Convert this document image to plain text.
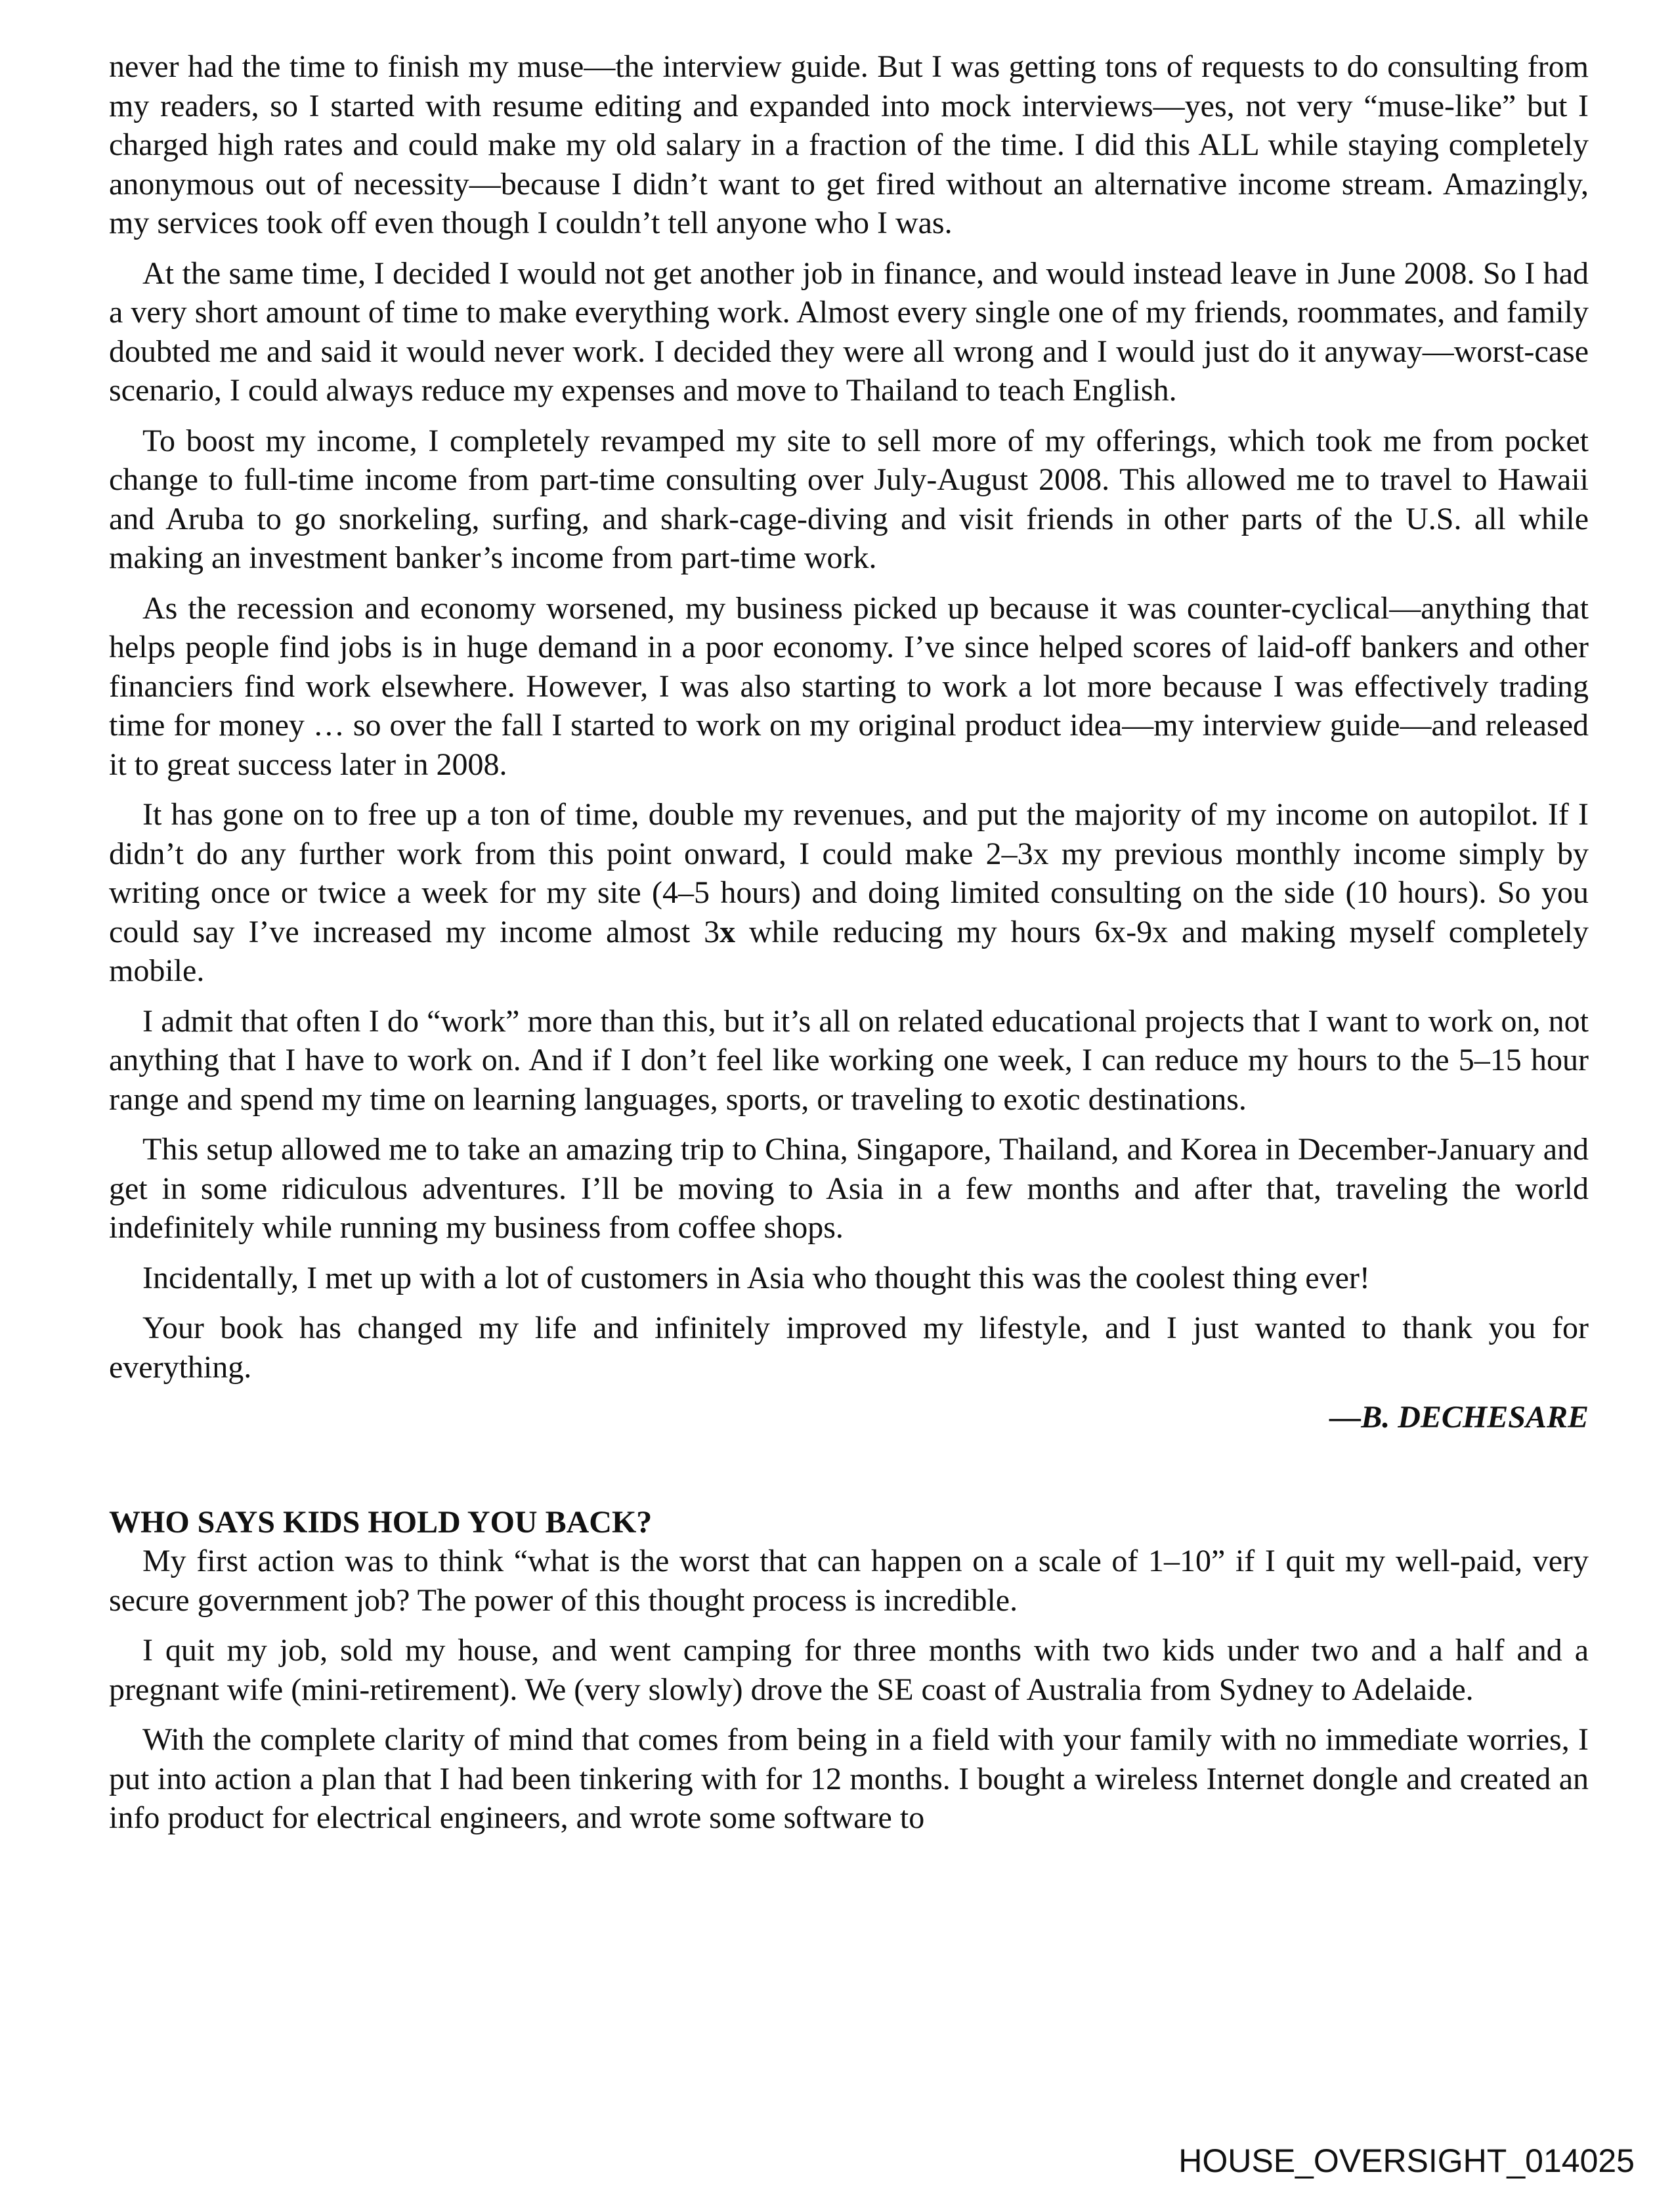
never had the time to finish my muse—the interview guide. But I was getting tons of requests to do consulting from my readers, so I started with resume editing and expanded into mock interviews—yes, not very “muse-like” but I charged high rates and could make my old salary in a fraction of the time. I did this ALL while staying completely anonymous out of necessity—because I didn’t want to get fired without an alternative income stream. Amazingly, my services took off even though I couldn’t tell anyone who I was.

At the same time, I decided I would not get another job in finance, and would instead leave in June 2008. So I had a very short amount of time to make everything work. Almost every single one of my friends, roommates, and family doubted me and said it would never work. I decided they were all wrong and I would just do it anyway—worst-case scenario, I could always reduce my expenses and move to Thailand to teach English.

To boost my income, I completely revamped my site to sell more of my offerings, which took me from pocket change to full-time income from part-time consulting over July-August 2008. This allowed me to travel to Hawaii and Aruba to go snorkeling, surfing, and shark-cage-diving and visit friends in other parts of the U.S. all while making an investment banker’s income from part-time work.

As the recession and economy worsened, my business picked up because it was counter-cyclical—anything that helps people find jobs is in huge demand in a poor economy. I’ve since helped scores of laid-off bankers and other financiers find work elsewhere. However, I was also starting to work a lot more because I was effectively trading time for money … so over the fall I started to work on my original product idea—my interview guide—and released it to great success later in 2008.

It has gone on to free up a ton of time, double my revenues, and put the majority of my income on autopilot. If I didn’t do any further work from this point onward, I could make 2–3x my previous monthly income simply by writing once or twice a week for my site (4–5 hours) and doing limited consulting on the side (10 hours). So you could say I’ve increased my income almost 3x while reducing my hours 6x-9x and making myself completely mobile.

I admit that often I do “work” more than this, but it’s all on related educational projects that I want to work on, not anything that I have to work on. And if I don’t feel like working one week, I can reduce my hours to the 5–15 hour range and spend my time on learning languages, sports, or traveling to exotic destinations.

This setup allowed me to take an amazing trip to China, Singapore, Thailand, and Korea in December-January and get in some ridiculous adventures. I’ll be moving to Asia in a few months and after that, traveling the world indefinitely while running my business from coffee shops.

Incidentally, I met up with a lot of customers in Asia who thought this was the coolest thing ever!

Your book has changed my life and infinitely improved my lifestyle, and I just wanted to thank you for everything.

—B. DECHESARE
WHO SAYS KIDS HOLD YOU BACK?

My first action was to think “what is the worst that can happen on a scale of 1–10” if I quit my well-paid, very secure government job? The power of this thought process is incredible.

I quit my job, sold my house, and went camping for three months with two kids under two and a half and a pregnant wife (mini-retirement). We (very slowly) drove the SE coast of Australia from Sydney to Adelaide.

With the complete clarity of mind that comes from being in a field with your family with no immediate worries, I put into action a plan that I had been tinkering with for 12 months. I bought a wireless Internet dongle and created an info product for electrical engineers, and wrote some software to

HOUSE_OVERSIGHT_014025
